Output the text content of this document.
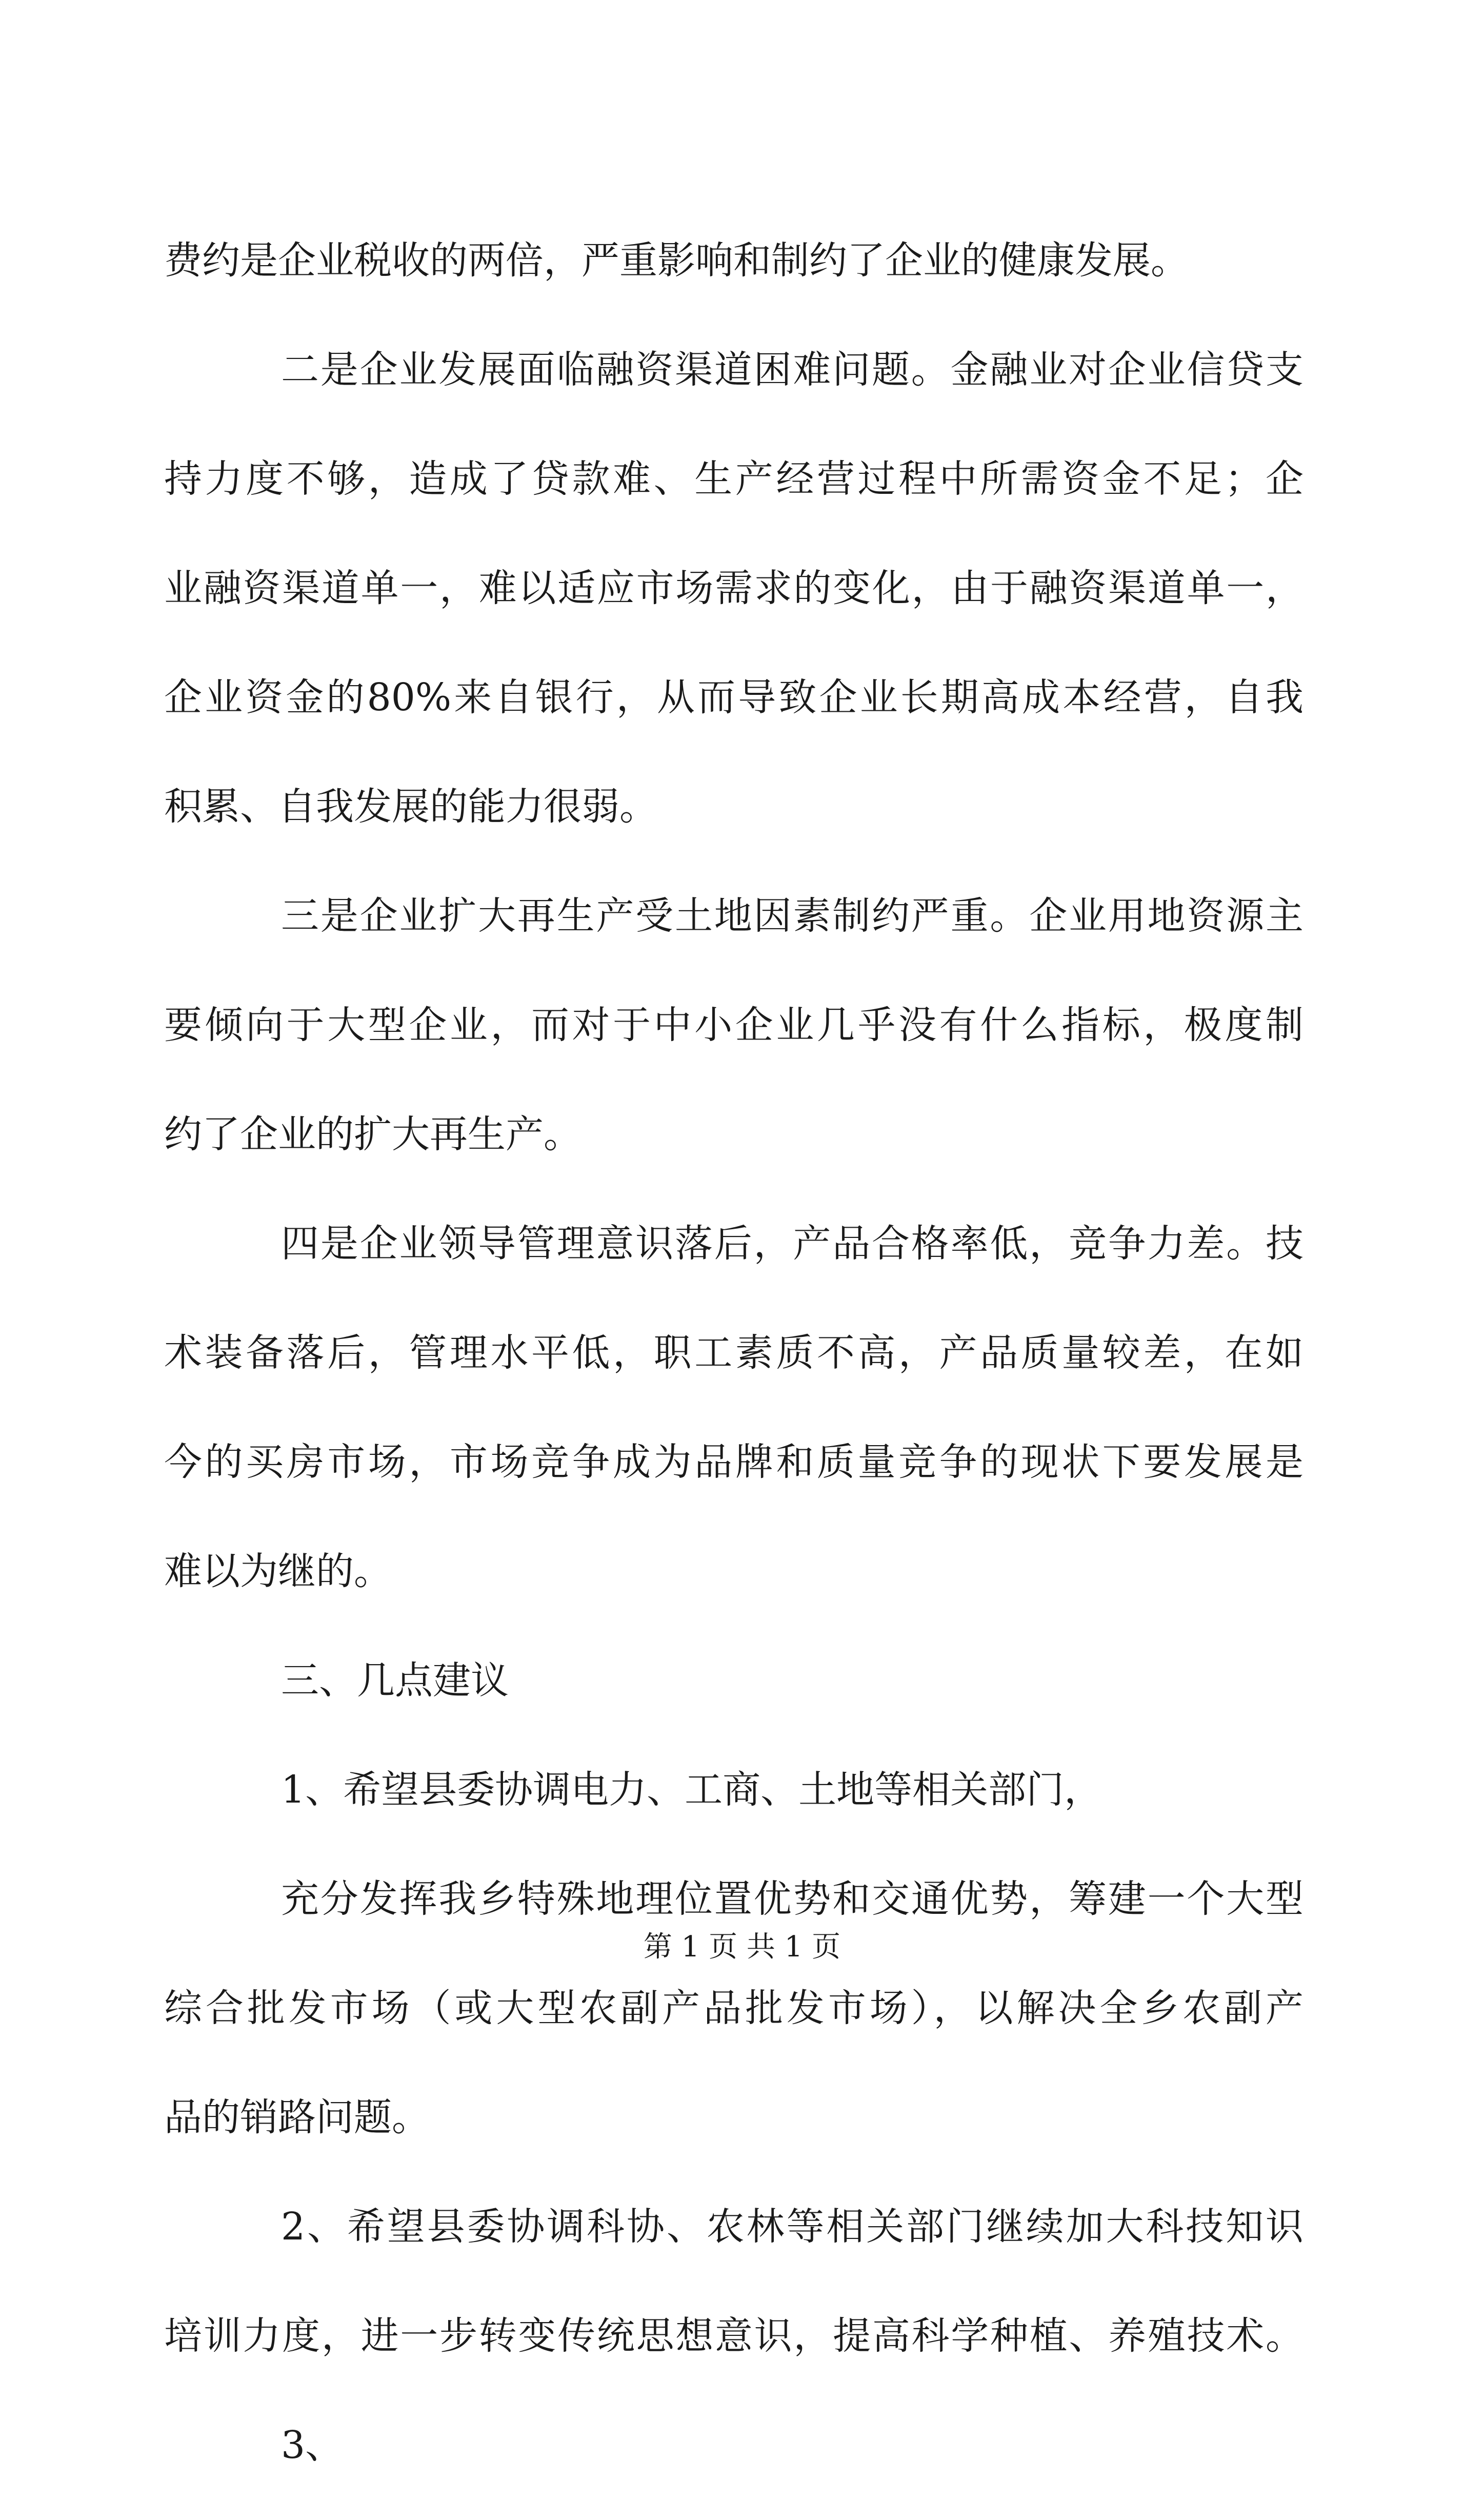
费约是企业税收的两倍，严重影响和制约了企业的健康发展。
二是企业发展面临融资渠道困难问题。金融业对企业信贷支
持力度不够，造成了贷款难、生产经营过程中所需资金不足；企
业融资渠道单一，难以适应市场需求的变化，由于融资渠道单一，
企业资金的80%来自银行，从而导致企业长期高成本经营，自我
积累、自我发展的能力很弱。
三是企业扩大再生产受土地因素制约严重。企业用地资源主
要倾向于大型企业，而对于中小企业几乎没有什么指标，极度制
约了企业的扩大再生产。
四是企业领导管理意识落后，产品合格率低，竞争力差。技
术装备落后，管理水平低，职工素质不高，产品质量较差，在如
今的买房市场，市场竞争成为品牌和质量竞争的现状下要发展是
难以为继的。
三、几点建议
1、希望县委协调电力、工商、土地等相关部门，
充分发挥我乡特殊地理位置优势和交通优势，筹建一个大型
综合批发市场（或大型农副产品批发市场），以解决全乡农副产
品的销路问题。
2、希望县委协调科协、农林等相关部门继续加大科技知识
培训力度，进一步转变传统思想意识，提高科学种植、养殖技术。
3、
第 1 页 共 1 页
